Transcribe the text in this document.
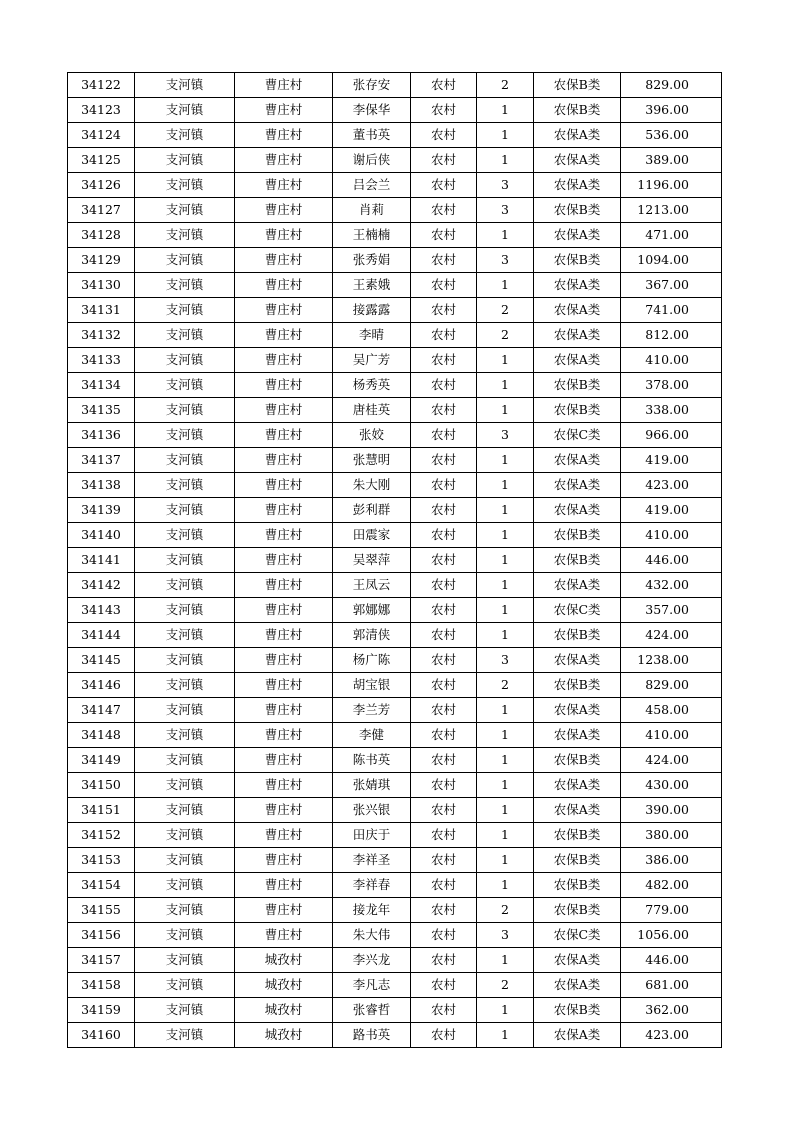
34122	支河镇	曹庄村	张存安	农村	2	农保B类	829.00
34123	支河镇	曹庄村	李保华	农村	1	农保B类	396.00
34124	支河镇	曹庄村	董书英	农村	1	农保A类	536.00
34125	支河镇	曹庄村	谢后侠	农村	1	农保A类	389.00
34126	支河镇	曹庄村	吕会兰	农村	3	农保A类	1196.00
34127	支河镇	曹庄村	肖莉	农村	3	农保B类	1213.00
34128	支河镇	曹庄村	王楠楠	农村	1	农保A类	471.00
34129	支河镇	曹庄村	张秀娟	农村	3	农保B类	1094.00
34130	支河镇	曹庄村	王素娥	农村	1	农保A类	367.00
34131	支河镇	曹庄村	接露露	农村	2	农保A类	741.00
34132	支河镇	曹庄村	李晴	农村	2	农保A类	812.00
34133	支河镇	曹庄村	吴广芳	农村	1	农保A类	410.00
34134	支河镇	曹庄村	杨秀英	农村	1	农保B类	378.00
34135	支河镇	曹庄村	唐桂英	农村	1	农保B类	338.00
34136	支河镇	曹庄村	张姣	农村	3	农保C类	966.00
34137	支河镇	曹庄村	张慧明	农村	1	农保A类	419.00
34138	支河镇	曹庄村	朱大刚	农村	1	农保A类	423.00
34139	支河镇	曹庄村	彭利群	农村	1	农保A类	419.00
34140	支河镇	曹庄村	田震家	农村	1	农保B类	410.00
34141	支河镇	曹庄村	吴翠萍	农村	1	农保B类	446.00
34142	支河镇	曹庄村	王凤云	农村	1	农保A类	432.00
34143	支河镇	曹庄村	郭娜娜	农村	1	农保C类	357.00
34144	支河镇	曹庄村	郭清侠	农村	1	农保B类	424.00
34145	支河镇	曹庄村	杨广陈	农村	3	农保A类	1238.00
34146	支河镇	曹庄村	胡宝银	农村	2	农保B类	829.00
34147	支河镇	曹庄村	李兰芳	农村	1	农保A类	458.00
34148	支河镇	曹庄村	李健	农村	1	农保A类	410.00
34149	支河镇	曹庄村	陈书英	农村	1	农保B类	424.00
34150	支河镇	曹庄村	张婧琪	农村	1	农保A类	430.00
34151	支河镇	曹庄村	张兴银	农村	1	农保A类	390.00
34152	支河镇	曹庄村	田庆于	农村	1	农保B类	380.00
34153	支河镇	曹庄村	李祥圣	农村	1	农保B类	386.00
34154	支河镇	曹庄村	李祥春	农村	1	农保B类	482.00
34155	支河镇	曹庄村	接龙年	农村	2	农保B类	779.00
34156	支河镇	曹庄村	朱大伟	农村	3	农保C类	1056.00
34157	支河镇	城孜村	李兴龙	农村	1	农保A类	446.00
34158	支河镇	城孜村	李凡志	农村	2	农保A类	681.00
34159	支河镇	城孜村	张睿哲	农村	1	农保B类	362.00
34160	支河镇	城孜村	路书英	农村	1	农保A类	423.00
